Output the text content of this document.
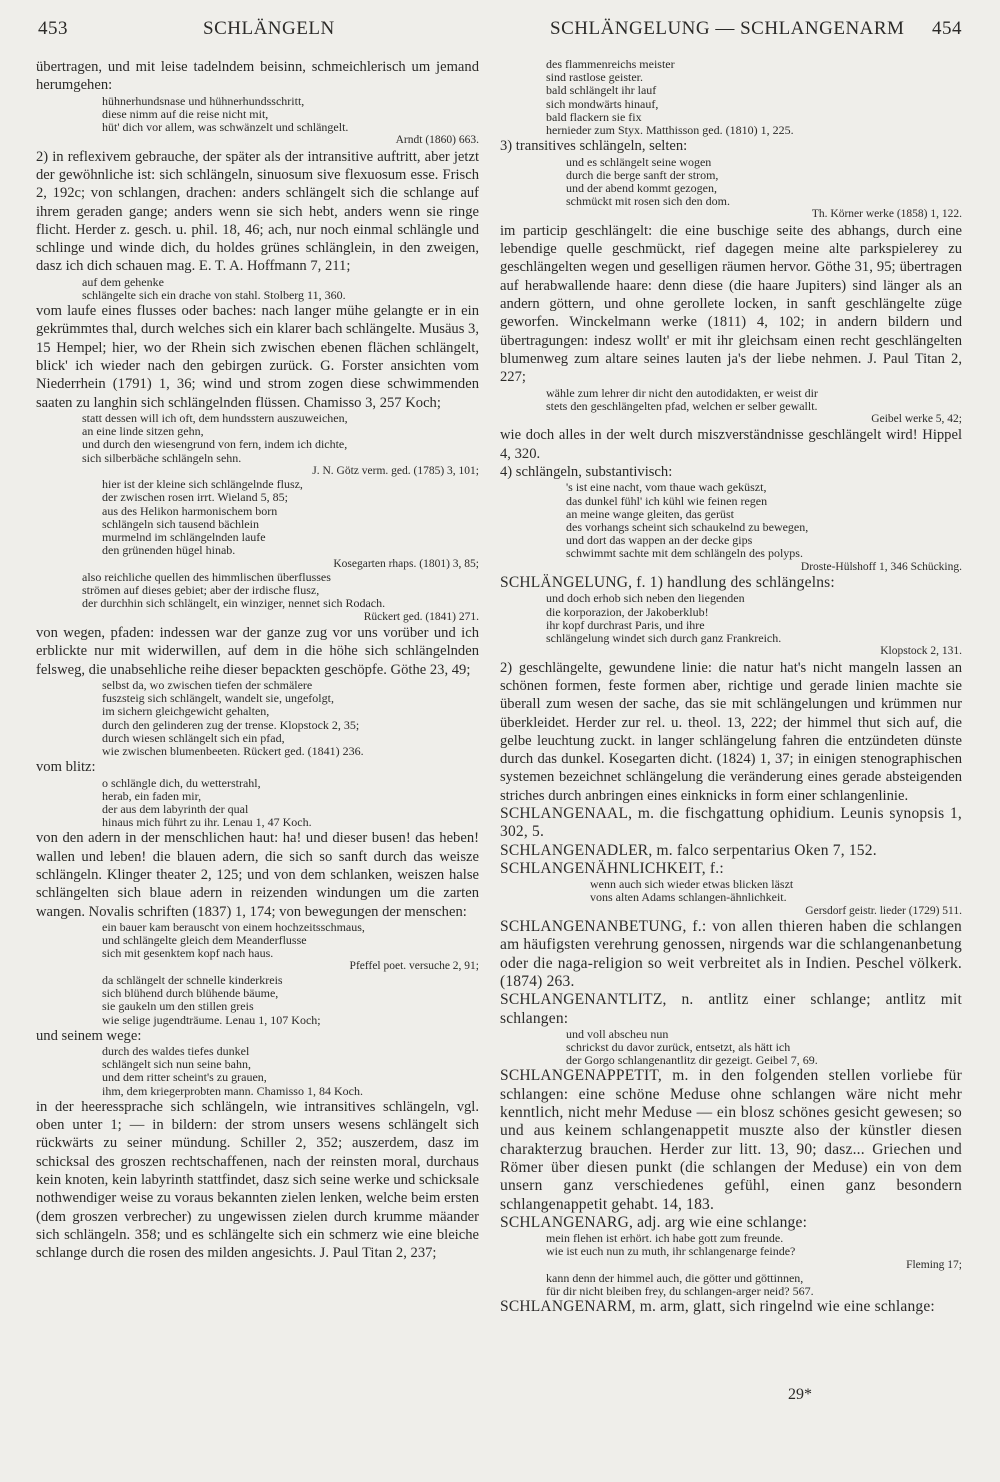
453	SCHLÄNGELN	SCHLÄNGELUNG — SCHLANGENARM 454

übertragen, und mit leise tadelndem beisinn, schmeichlerisch um jemand herumgehen:

hühnerhundsnase und hühnerhundsschritt,
diese nimm auf die reise nicht mit,
hüt' dich vor allem, was schwänzelt und schlängelt.
Arndt (1860) 663.

2) in reflexivem gebrauche, der später als der intransitive auftritt, aber jetzt der gewöhnliche ist: sich schlängeln, sinuosum sive flexuosum esse. Frisch 2, 192c; von schlangen, drachen: anders schlängelt sich die schlange auf ihrem geraden gange; anders wenn sie sich hebt, anders wenn sie ringe flicht. Herder z. gesch. u. phil. 18, 46; ach, nur noch einmal schlängle und schlinge und winde dich, du holdes grünes schlänglein, in den zweigen, dasz ich dich schauen mag. E. T. A. Hoffmann 7, 211;

auf dem gehenke
schlängelte sich ein drache von stahl. Stolberg 11, 360.

vom laufe eines flusses oder baches: nach langer mühe gelangte er in ein gekrümmtes thal, durch welches sich ein klarer bach schlängelte. Musäus 3, 15 Hempel; hier, wo der Rhein sich zwischen ebenen flächen schlängelt, blick' ich wieder nach den gebirgen zurück. G. Forster ansichten vom Niederrhein (1791) 1, 36; wind und strom zogen diese schwimmenden saaten zu langhin sich schlängelnden flüssen. Chamisso 3, 257 Koch;

statt dessen will ich oft, dem hundsstern auszuweichen,
an eine linde sitzen gehn,
und durch den wiesengrund von fern, indem ich dichte,
sich silberbäche schlängeln sehn.
J. N. Götz verm. ged. (1785) 3, 101;
hier ist der kleine sich schlängelnde flusz,
der zwischen rosen irrt. Wieland 5, 85;
aus des Helikon harmonischem born
schlängeln sich tausend bächlein
murmelnd im schlängelnden laufe
den grünenden hügel hinab.
Kosegarten rhaps. (1801) 3, 85;
also reichliche quellen des himmlischen überflusses
strömen auf dieses gebiet; aber der irdische flusz,
der durchhin sich schlängelt, ein winziger, nennet sich Rodach.
Rückert ged. (1841) 271.

von wegen, pfaden: indessen war der ganze zug vor uns vorüber und ich erblickte nur mit widerwillen, auf dem in die höhe sich schlängelnden felsweg, die unabsehliche reihe dieser bepackten geschöpfe. Göthe 23, 49;

selbst da, wo zwischen tiefen der schmälere
fuszsteig sich schlängelt, wandelt sie, ungefolgt,
im sichern gleichgewicht gehalten,
durch den gelinderen zug der trense. Klopstock 2, 35;
durch wiesen schlängelt sich ein pfad,
wie zwischen blumenbeeten. Rückert ged. (1841) 236.

vom blitz:

o schlängle dich, du wetterstrahl,
herab, ein faden mir,
der aus dem labyrinth der qual
hinaus mich führt zu ihr. Lenau 1, 47 Koch.

von den adern in der menschlichen haut: ha! und dieser busen! das heben! wallen und leben! die blauen adern, die sich so sanft durch das weisze schlängeln. Klinger theater 2, 125; und von dem schlanken, weiszen halse schlängelten sich blaue adern in reizenden windungen um die zarten wangen. Novalis schriften (1837) 1, 174; von bewegungen der menschen:

ein bauer kam berauscht von einem hochzeitsschmaus,
und schlängelte gleich dem Meanderflusse
sich mit gesenktem kopf nach haus.
Pfeffel poet. versuche 2, 91;
da schlängelt der schnelle kinderkreis
sich blühend durch blühende bäume,
sie gaukeln um den stillen greis
wie selige jugendträume. Lenau 1, 107 Koch;

und seinem wege:

durch des waldes tiefes dunkel
schlängelt sich nun seine bahn,
und dem ritter scheint's zu grauen,
ihm, dem kriegerprobten mann. Chamisso 1, 84 Koch.

in der heeressprache sich schlängeln, wie intransitives schlängeln, vgl. oben unter 1; — in bildern: der strom unsers wesens schlängelt sich rückwärts zu seiner mündung. Schiller 2, 352; auszerdem, dasz im schicksal des groszen rechtschaffenen, nach der reinsten moral, durchaus kein knoten, kein labyrinth stattfindet, dasz sich seine werke und schicksale nothwendiger weise zu voraus bekannten zielen lenken, welche beim ersten (dem groszen verbrecher) zu ungewissen zielen durch krumme mäander sich schlängeln. 358; und es schlängelte sich ein schmerz wie eine bleiche schlange durch die rosen des milden angesichts. J. Paul Titan 2, 237;

des flammenreichs meister
sind rastlose geister.
bald schlängelt ihr lauf
sich mondwärts hinauf,
bald flackern sie fix
hernieder zum Styx. Matthisson ged. (1810) 1, 225.

3) transitives schlängeln, selten:

und es schlängelt seine wogen
durch die berge sanft der strom,
und der abend kommt gezogen,
schmückt mit rosen sich den dom.
Th. Körner werke (1858) 1, 122.

im particip geschlängelt: die eine buschige seite des abhangs, durch eine lebendige quelle geschmückt, rief dagegen meine alte parkspielerey zu geschlängelten wegen und geselligen räumen hervor. Göthe 31, 95; übertragen auf herabwallende haare: denn diese (die haare Jupiters) sind länger als an andern göttern, und ohne gerollete locken, in sanft geschlängelte züge geworfen. Winckelmann werke (1811) 4, 102; in andern bildern und übertragungen: indesz wollt' er mit ihr gleichsam einen recht geschlängelten blumenweg zum altare seines lauten ja's der liebe nehmen. J. Paul Titan 2, 227;

wähle zum lehrer dir nicht den autodidakten, er weist dir
stets den geschlängelten pfad, welchen er selber gewallt.
Geibel werke 5, 42;

wie doch alles in der welt durch miszverständnisse geschlängelt wird! Hippel 4, 320.

4) schlängeln, substantivisch:

's ist eine nacht, vom thaue wach geküszt,
das dunkel fühl' ich kühl wie feinen regen
an meine wange gleiten, das gerüst
des vorhangs scheint sich schaukelnd zu bewegen,
und dort das wappen an der decke gips
schwimmt sachte mit dem schlängeln des polyps.
Droste-Hülshoff 1, 346 Schücking.

SCHLÄNGELUNG, f. 1) handlung des schlängelns:

und doch erhob sich neben den liegenden
die korporazion, der Jakoberklub!
ihr kopf durchrast Paris, und ihre
schlängelung windet sich durch ganz Frankreich.
Klopstock 2, 131.

2) geschlängelte, gewundene linie: die natur hat's nicht mangeln lassen an schönen formen, feste formen aber, richtige und gerade linien machte sie überall zum wesen der sache, das sie mit schlängelungen und krümmen nur überkleidet. Herder zur rel. u. theol. 13, 222; der himmel thut sich auf, die gelbe leuchtung zuckt. in langer schlängelung fahren die entzündeten dünste durch das dunkel. Kosegarten dicht. (1824) 1, 37; in einigen stenographischen systemen bezeichnet schlängelung die veränderung eines gerade absteigenden striches durch anbringen eines einknicks in form einer schlangenlinie.

SCHLANGENAAL, m. die fischgattung ophidium. Leunis synopsis 1, 302, 5.

SCHLANGENADLER, m. falco serpentarius Oken 7, 152.

SCHLANGENÄHNLICHKEIT, f.:

wenn auch sich wieder etwas blicken läszt
vons alten Adams schlangen-ähnlichkeit.
Gersdorf geistr. lieder (1729) 511.

SCHLANGENANBETUNG, f.: von allen thieren haben die schlangen am häufigsten verehrung genossen, nirgends war die schlangenanbetung oder die naga-religion so weit verbreitet als in Indien. Peschel völkerk. (1874) 263.

SCHLANGENANTLITZ, n. antlitz einer schlange; antlitz mit schlangen:

und voll abscheu nun
schrickst du davor zurück, entsetzt, als hätt ich
der Gorgo schlangenantlitz dir gezeigt. Geibel 7, 69.

SCHLANGENAPPETIT, m. in den folgenden stellen vorliebe für schlangen: eine schöne Meduse ohne schlangen wäre nicht mehr kenntlich, nicht mehr Meduse — ein blosz schönes gesicht gewesen; so und aus keinem schlangenappetit muszte also der künstler diesen charakterzug brauchen. Herder zur litt. 13, 90; dasz... Griechen und Römer über diesen punkt (die schlangen der Meduse) ein von dem unsern ganz verschiedenes gefühl, einen ganz besondern schlangenappetit gehabt. 14, 183.

SCHLANGENARG, adj. arg wie eine schlange:

mein flehen ist erhört. ich habe gott zum freunde.
wie ist euch nun zu muth, ihr schlangenarge feinde?
Fleming 17;
kann denn der himmel auch, die götter und göttinnen,
für dir nicht bleiben frey, du schlangen-arger neid? 567.

SCHLANGENARM, m. arm, glatt, sich ringelnd wie eine schlange:

29*
